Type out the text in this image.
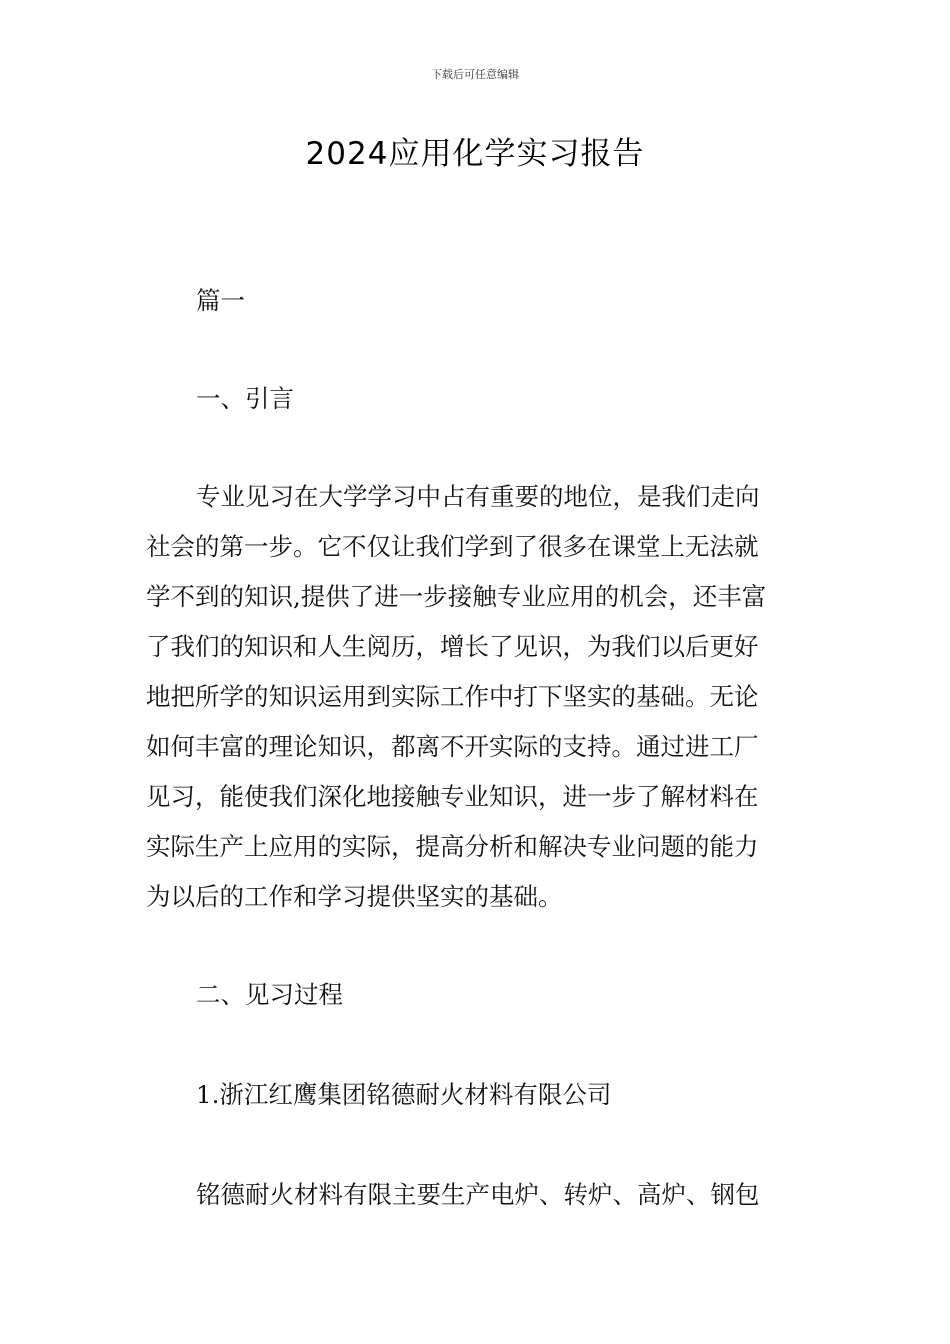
下载后可任意编辑
2024应用化学实习报告
篇一
一、引言
专业见习在大学学习中占有重要的地位，是我们走向
社会的第一步。它不仅让我们学到了很多在课堂上无法就
学不到的知识,提供了进一步接触专业应用的机会，还丰富
了我们的知识和人生阅历，增长了见识，为我们以后更好
地把所学的知识运用到实际工作中打下坚实的基础。无论
如何丰富的理论知识，都离不开实际的支持。通过进工厂
见习，能使我们深化地接触专业知识，进一步了解材料在
实际生产上应用的实际，提高分析和解决专业问题的能力
为以后的工作和学习提供坚实的基础。
二、见习过程
1.浙江红鹰集团铭德耐火材料有限公司
铭德耐火材料有限主要生产电炉、转炉、高炉、钢包
